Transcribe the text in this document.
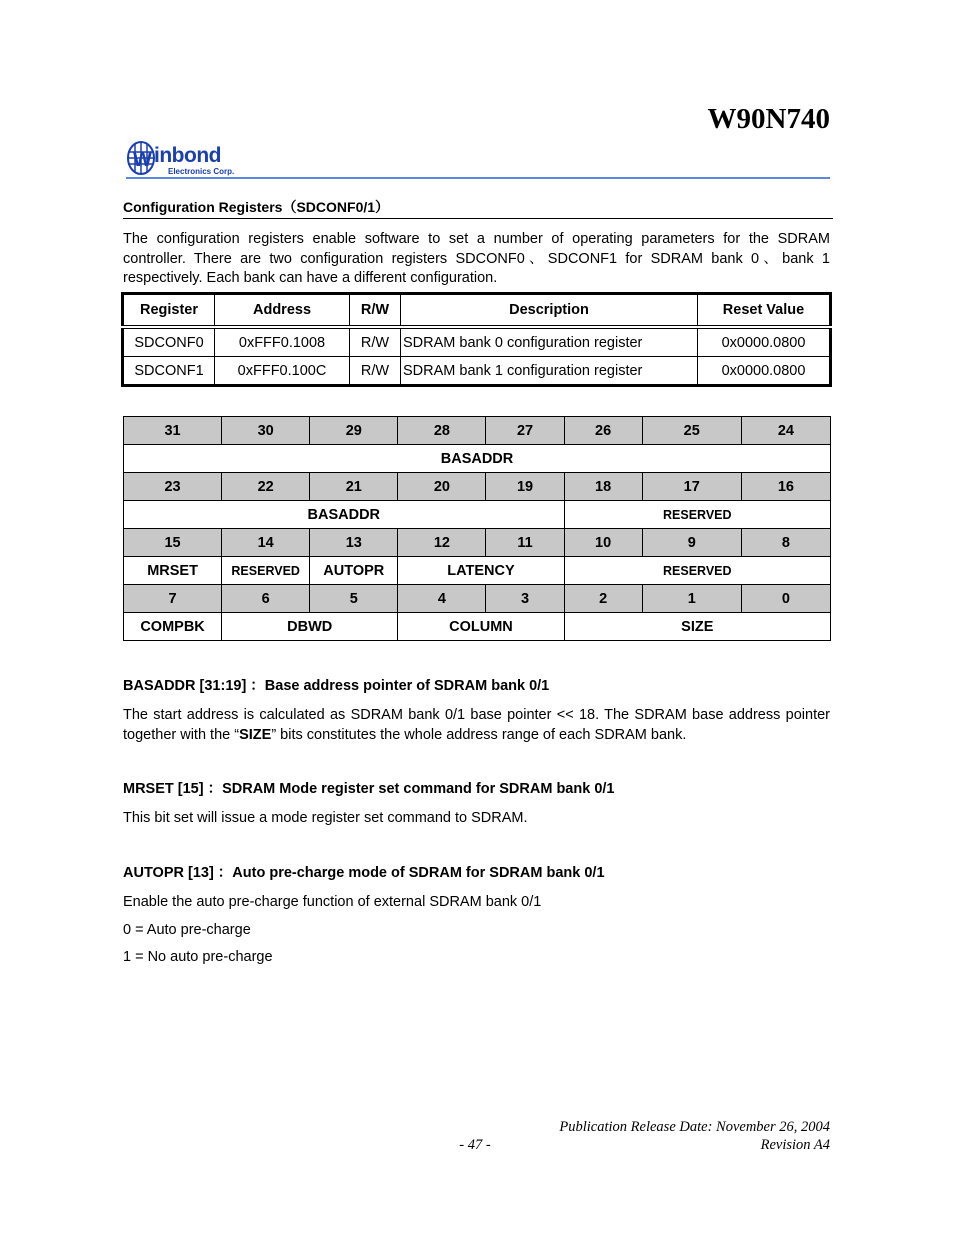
W90N740
W inbond
Electronics Corp.
Configuration Registers（SDCONF0/1）
The configuration registers enable software to set a number of operating parameters for the SDRAM controller. There are two configuration registers SDCONF0、SDCONF1 for SDRAM bank 0、bank 1 respectively. Each bank can have a different configuration.
Register	Address	R/W	Description	Reset Value
SDCONF0	0xFFF0.1008	R/W	SDRAM bank 0 configuration register	0x0000.0800
SDCONF1	0xFFF0.100C	R/W	SDRAM bank 1 configuration register	0x0000.0800
31	30	29	28	27	26	25	24
BASADDR							
23	22	21	20	19	18	17	16
BASADDR					RESERVED		
15	14	13	12	11	10	9	8
MRSET	RESERVED	AUTOPR	LATENCY		RESERVED		
7	6	5	4	3	2	1	0
COMPBK	DBWD		COLUMN		SIZE		
BASADDR [31:19] ：Base address pointer of SDRAM bank 0/1
The start address is calculated as SDRAM bank 0/1 base pointer << 18. The SDRAM base address pointer together with the “SIZE” bits constitutes the whole address range of each SDRAM bank.
MRSET [15] ：SDRAM Mode register set command for SDRAM bank 0/1
This bit set will issue a mode register set command to SDRAM.
AUTOPR [13] ：Auto pre-charge mode of SDRAM for SDRAM bank 0/1
Enable the auto pre-charge function of external SDRAM bank 0/1
0 = Auto pre-charge
1 = No auto pre-charge
Publication Release Date: November 26, 2004
- 47 -	Revision A4
